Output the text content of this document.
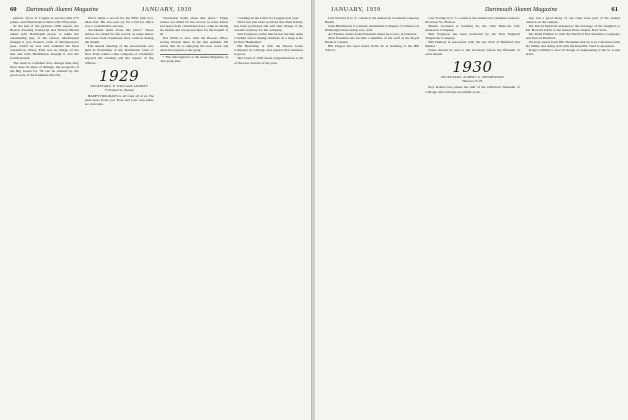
60 Dartmouth Alumni Magazine	JANUARY, 1939

pattern. Tyros of Colgate is second with 275 points, and Oberlander is third with 250 points.

At the end of the glorious 1938 season, the Boston Evening Transcript and Boston Herald asked each Dartmouth player to name the outstanding play of the season. MacDonald thought it was Fraser's catch of Macpherson's pass, which he was sure sounded the final touchdown. Harry Ellis was in charge of the line and John Hutchinson thought it was the fourth quarter.

The team is confident that, though time may have done its share of damage, the prospects of the Big Green for '39 can be assured by the good work of the freshmen this fall.

We've made a record for the Fifth with two, three feet. His two-year try for a bid for office was a considerable success.

"Incidental items about this place." These entries are added for the record, as some letters and notes from classmates have come in during the month.

The annual meeting of the Association was held in November at the Dartmouth Club of New York, where a fine company of classmates enjoyed the evening and the reports of the officers.

1929
SECRETARY, F. WILLIAM ANDRES
75 Federal St., Boston

HAPPY HOLIDAYS to all from all of us. We need news from you. Note and your own plans are welcome.

"Incidental items about this place." These entries are added for the record, as some letters and notes from classmates have come in during the month and are placed here for the benefit of all.

Ted White is now with the Boston office, having moved there in the late summer. He writes that he is enjoying the new work and sends his regards to the gang.

* This subscription is to the Alumni Magazine, on class group plan.

coaching in the Little Ivy League next year.

Word has just been received that Paul Kelsey has been promoted and will take charge of the western territory for his company.

Wes Ferguson writes that he has become quite a farmer and is raising chickens on a large scale in New Hampshire.

Hal Beardsley is with the Moore Grain Company in Chicago and reports that business is good.

The Class of 1929 sends congratulations to all of the new arrivals of the year.

JANUARY, 1939	Dartmouth Alumni Magazine	61

Carl Norden is U. S. consul at the American Consulate General, Berlin.

John Hutchinson is with the Aluminum Company of America in Pittsburgh and is doing very well.

Art Fischer writes from Honolulu where he is now in business.

Nick Freeman has become a member of the staff of the Royal Bank of Canada.

Bill Pepper has been heard from; he is teaching at the Hill School.

Carl Norden is U. S. consul at the American Consulate General. 60 Guest St., Boston.

Martin Jacobsen is working for the John Hancock Life Insurance Company.

Bert Ferguson has been promoted by the New England Telephone Company.

Bill Hudson is associated with the law firm of Hubbard and Barker.

Notes should be sent to the Secretary before the fifteenth of each month.

1930
SECRETARY, ALBERT G. HENDERSON
Hanover, N. H.

Roy Roeber has joined the staff of the Children's Museum of Chicago and will take on exhibit work.

day, but a good many of our class were part of the annual reunion on the campus.

Mr. David MacKlin announces the marriage of his daughter to Mr. Howard Gibbs at the Sutton Place chapel, New York.

Mr. Rand Hulbert is with the Hartford Fire Insurance Company and lives in Hartford.

We have heard from Bill Shanahan that he is in Cleveland with his family and doing well with the Republic Steel Corporation.

Roger Lambert is now in charge of engineering at the St. Louis plant.
